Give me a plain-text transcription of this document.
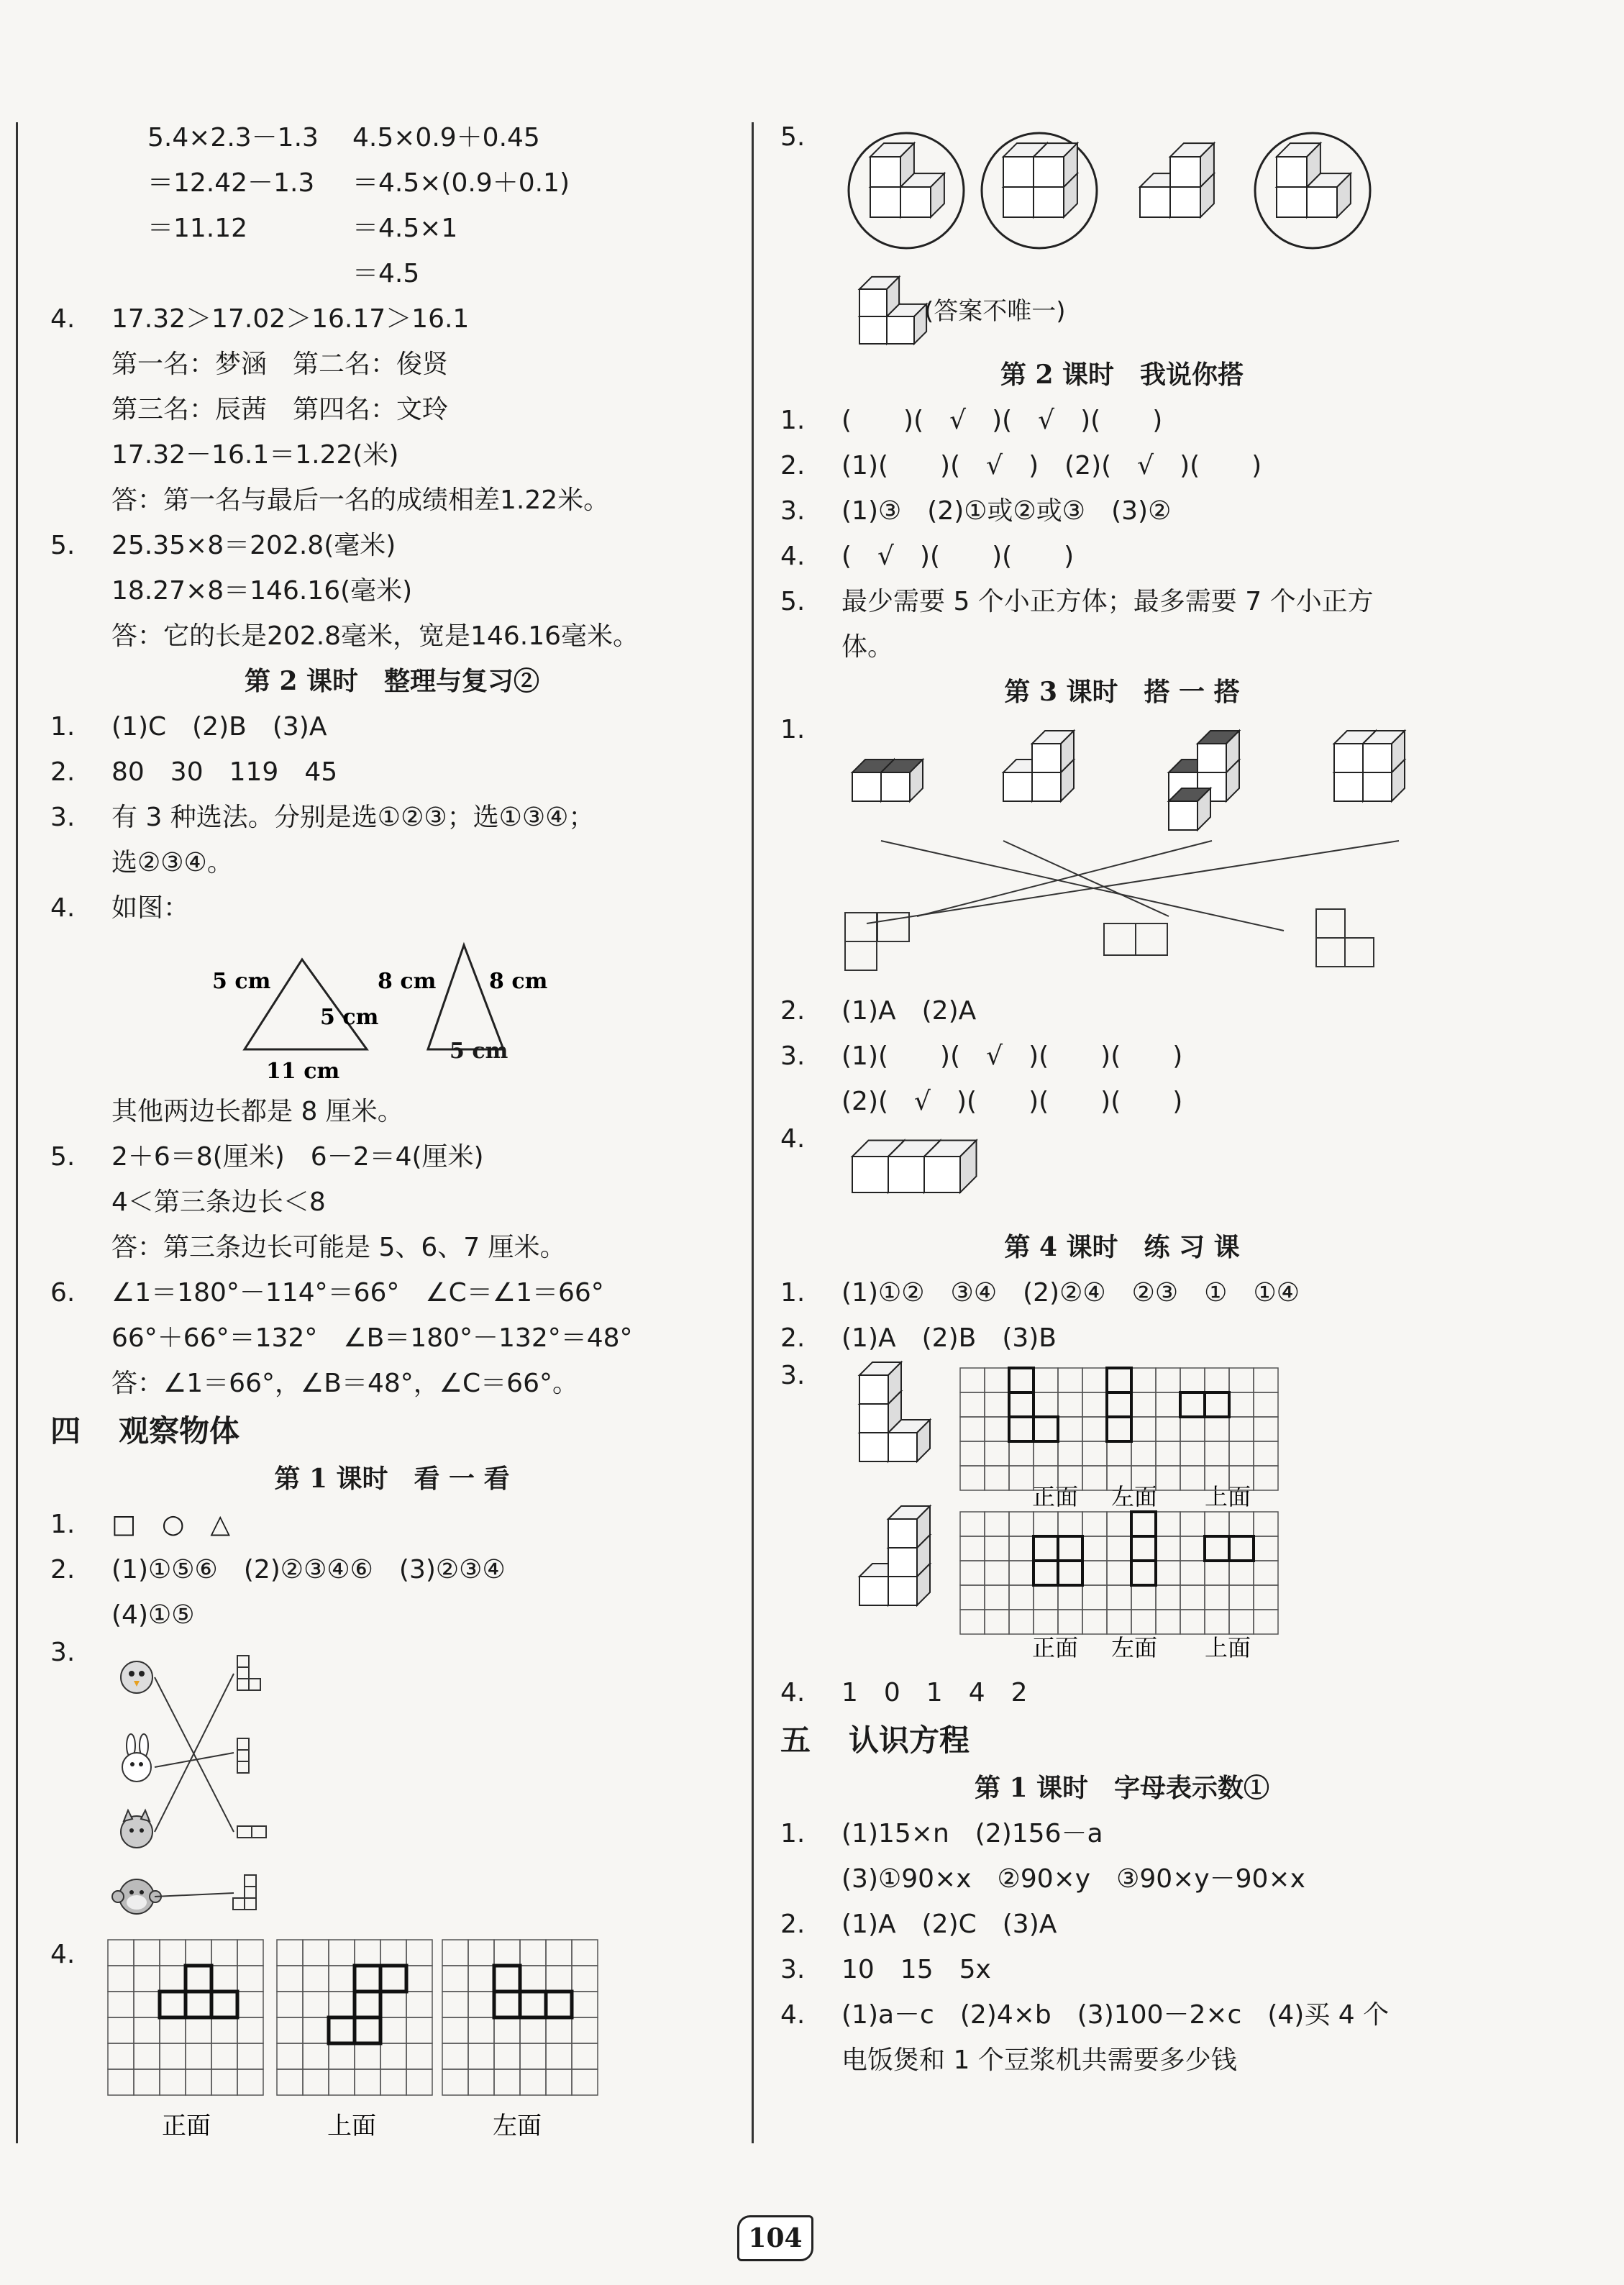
5.4×2.3－1.3 4.5×0.9＋0.45
＝12.42－1.3 ＝4.5×(0.9＋0.1)
＝11.12	＝4.5×1
＝4.5
4.	17.32＞17.02＞16.17＞16.1
第一名：梦涵　第二名：俊贤
第三名：辰茜　第四名：文玲
17.32－16.1＝1.22(米)
答：第一名与最后一名的成绩相差1.22米。
5.	25.35×8＝202.8(毫米)
18.27×8＝146.16(毫米)
答：它的长是202.8毫米，宽是146.16毫米。
第 2 课时　整理与复习②
1.	(1)C　(2)B　(3)A
2.	80　30　119　45
3.	有 3 种选法。分别是选①②③；选①③④；
选②③④。
4.	如图：
5 cm
5 cm
11 cm
8 cm 8 cm
5 cm
其他两边长都是 8 厘米。
5.	2＋6＝8(厘米)　6－2＝4(厘米)
4＜第三条边长＜8
答：第三条边长可能是 5、6、7 厘米。
6.	∠1＝180°－114°＝66°　∠C＝∠1＝66°
66°＋66°＝132°　∠B＝180°－132°＝48°
答：∠1＝66°，∠B＝48°，∠C＝66°。
四 观察物体
第 1 课时　看 一 看
1.	□　○　△
2.	(1)①⑤⑥　(2)②③④⑥　(3)②③④
(4)①⑤
3.
4.
正面	上面	左面
5.
(答案不唯一)
第 2 课时　我说你搭
1.	(　　)(　√　)(　√　)(　　)
2.	(1)(　　)(　√　)　(2)(　√　)(　　)
3.	(1)③　(2)①或②或③　(3)②
4.	(　√　)(　　)(　　)
5.	最少需要 5 个小正方体；最多需要 7 个小正方
体。
第 3 课时　搭 一 搭
1.
2.	(1)A　(2)A
3.	(1)(　　)(　√　)(　　)(　　)
(2)(　√　)(　　)(　　)(　　)
4.
第 4 课时　练 习 课
1.	(1)①②　③④　(2)②④　②③　①　①④
2.	(1)A　(2)B　(3)B
3.
正面 左面 上面
正面 左面 上面
4.	1　0　1　4　2
五 认识方程
第 1 课时　字母表示数①
1.	(1)15×n　(2)156－a
(3)①90×x　②90×y　③90×y－90×x
2.	(1)A　(2)C　(3)A
3.	10　15　5x
4.	(1)a－c　(2)4×b　(3)100－2×c　(4)买 4 个
电饭煲和 1 个豆浆机共需要多少钱
104
